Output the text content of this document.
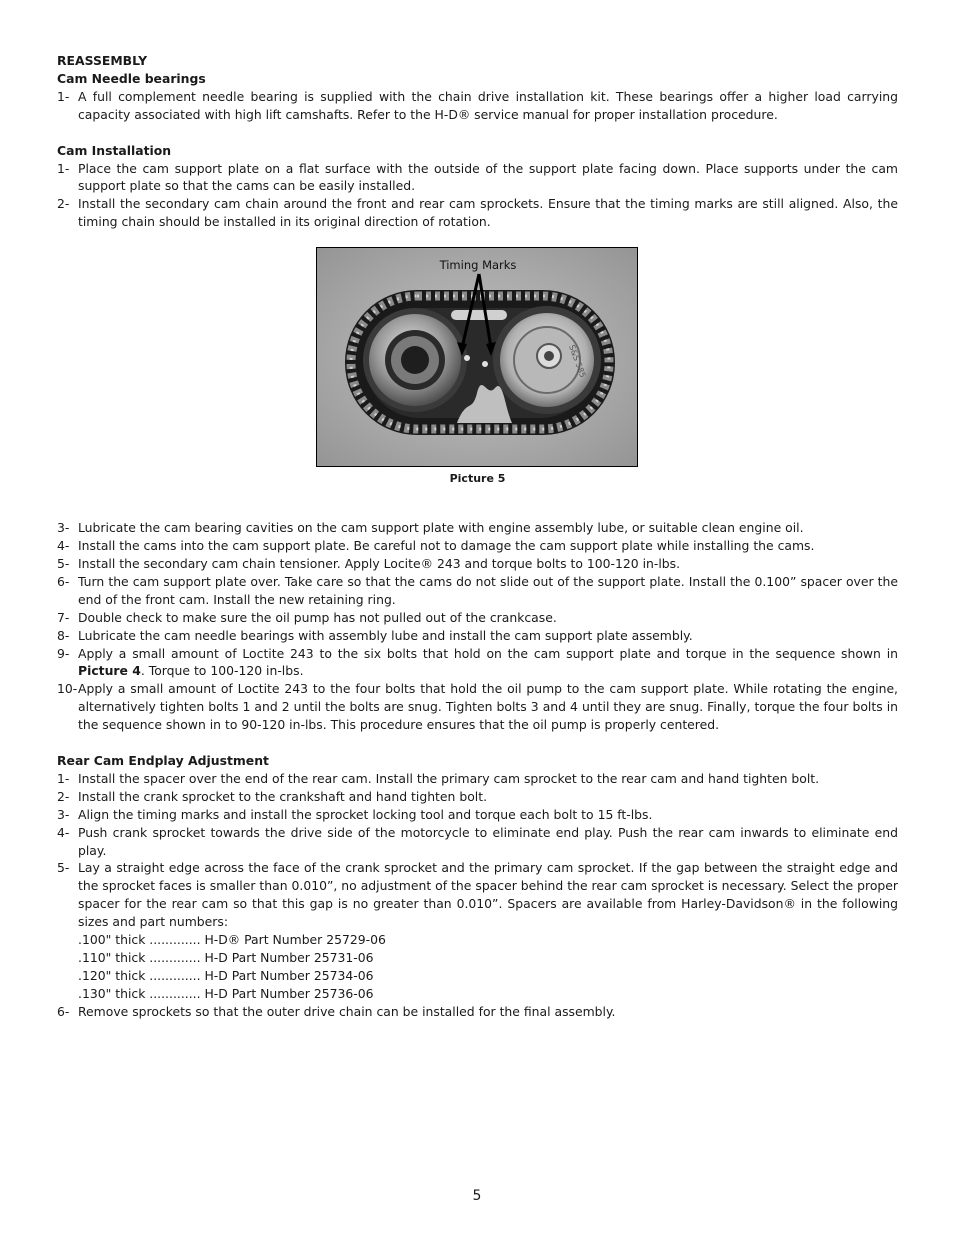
REASSEMBLY
Cam Needle bearings
1- A full complement needle bearing is supplied with the chain drive installation kit. These bearings offer a higher load carrying capacity associated with high lift camshafts. Refer to the H-D® service manual for proper installation procedure.
Cam Installation
1- Place the cam support plate on a flat surface with the outside of the support plate facing down. Place supports under the cam support plate so that the cams can be easily installed.
2- Install the secondary cam chain around the front and rear cam sprockets. Ensure that the timing marks are still aligned. Also, the timing chain should be installed in its original direction of rotation.
S&S 585
Timing Marks
Picture 5
3- Lubricate the cam bearing cavities on the cam support plate with engine assembly lube, or suitable clean engine oil.
4- Install the cams into the cam support plate. Be careful not to damage the cam support plate while installing the cams.
5- Install the secondary cam chain tensioner. Apply Locite® 243 and torque bolts to 100-120 in-lbs.
6- Turn the cam support plate over. Take care so that the cams do not slide out of the support plate. Install the 0.100” spacer over the end of the front cam. Install the new retaining ring.
7- Double check to make sure the oil pump has not pulled out of the crankcase.
8- Lubricate the cam needle bearings with assembly lube and install the cam support plate assembly.
9- Apply a small amount of Loctite 243 to the six bolts that hold on the cam support plate and torque in the sequence shown in Picture 4. Torque to 100-120 in-lbs.
10- Apply a small amount of Loctite 243 to the four bolts that hold the oil pump to the cam support plate. While rotating the engine, alternatively tighten bolts 1 and 2 until the bolts are snug. Tighten bolts 3 and 4 until they are snug. Finally, torque the four bolts in the sequence shown in to 90-120 in-lbs. This procedure ensures that the oil pump is properly centered.
Rear Cam Endplay Adjustment
1- Install the spacer over the end of the rear cam. Install the primary cam sprocket to the rear cam and hand tighten bolt.
2- Install the crank sprocket to the crankshaft and hand tighten bolt.
3- Align the timing marks and install the sprocket locking tool and torque each bolt to 15 ft-lbs.
4- Push crank sprocket towards the drive side of the motorcycle to eliminate end play. Push the rear cam inwards to eliminate end play.
5- Lay a straight edge across the face of the crank sprocket and the primary cam sprocket. If the gap between the straight edge and the sprocket faces is smaller than 0.010”, no adjustment of the spacer behind the rear cam sprocket is necessary. Select the proper spacer for the rear cam so that this gap is no greater than 0.010”. Spacers are available from Harley-Davidson® in the following sizes and part numbers:
.100" thick ............. H-D® Part Number 25729-06
.110" thick ............. H-D Part Number 25731-06
.120" thick ............. H-D Part Number 25734-06
.130" thick ............. H-D Part Number 25736-06
6- Remove sprockets so that the outer drive chain can be installed for the final assembly.
5
